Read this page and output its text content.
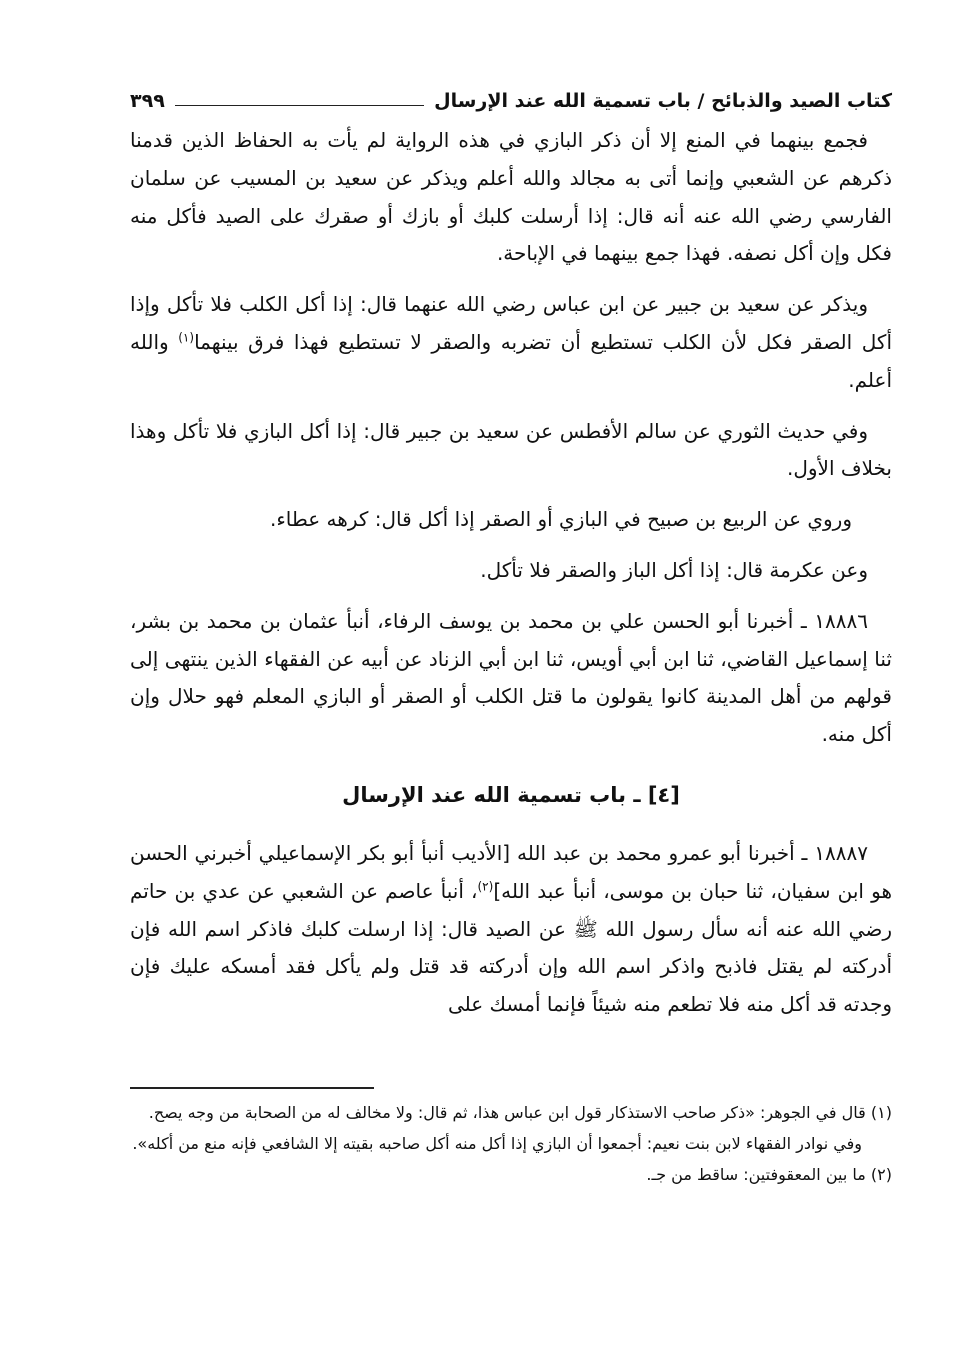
كتاب الصيد والذبائح / باب تسمية الله عند الإرسال
٣٩٩

فجمع بينهما في المنع إلا أن ذكر البازي في هذه الرواية لم يأت به الحفاظ الذين قدمنا ذكرهم عن الشعبي وإنما أتى به مجالد والله أعلم ويذكر عن سعيد بن المسيب عن سلمان الفارسي رضي الله عنه أنه قال: إذا أرسلت كلبك أو بازك أو صقرك على الصيد فأكل منه فكل وإن أكل نصفه. فهذا جمع بينهما في الإباحة.

ويذكر عن سعيد بن جبير عن ابن عباس رضي الله عنهما قال: إذا أكل الكلب فلا تأكل وإذا أكل الصقر فكل لأن الكلب تستطيع أن تضربه والصقر لا تستطيع فهذا فرق بينهما$^{(١)}$ والله أعلم.

وفي حديث الثوري عن سالم الأفطس عن سعيد بن جبير قال: إذا أكل البازي فلا تأكل وهذا بخلاف الأول.

وروي عن الربيع بن صبيح في البازي أو الصقر إذا أكل قال: كرهه عطاء.

وعن عكرمة قال: إذا أكل الباز والصقر فلا تأكل.

١٨٨٨٦ ـ أخبرنا أبو الحسن علي بن محمد بن يوسف الرفاء، أنبأ عثمان بن محمد بن بشر، ثنا إسماعيل القاضي، ثنا ابن أبي أويس، ثنا ابن أبي الزناد عن أبيه عن الفقهاء الذين ينتهى إلى قولهم من أهل المدينة كانوا يقولون ما قتل الكلب أو الصقر أو البازي المعلم فهو حلال وإن أكل منه.

[٤] ـ باب تسمية الله عند الإرسال

١٨٨٨٧ ـ أخبرنا أبو عمرو محمد بن عبد الله [الأديب أنبأ أبو بكر الإسماعيلي أخبرني الحسن هو ابن سفيان، ثنا حبان بن موسى، أنبأ عبد الله]$^{(٢)}$، أنبأ عاصم عن الشعبي عن عدي بن حاتم رضي الله عنه أنه سأل رسول الله ﷺ عن الصيد قال: إذا ارسلت كلبك فاذكر اسم الله فإن أدركته لم يقتل فاذبح واذكر اسم الله وإن أدركته قد قتل ولم يأكل فقد أمسكه عليك فإن وجدته قد أكل منه فلا تطعم منه شيئاً فإنما أمسك على

(١) قال في الجوهر: «ذكر صاحب الاستذكار قول ابن عباس هذا، ثم قال: ولا مخالف له من الصحابة من وجه يصح.

وفي نوادر الفقهاء لابن بنت نعيم: أجمعوا أن البازي إذا أكل منه أكل صاحبه بقيته إلا الشافعي فإنه منع من أكله».

(٢) ما بين المعقوفتين: ساقط من جـ.
